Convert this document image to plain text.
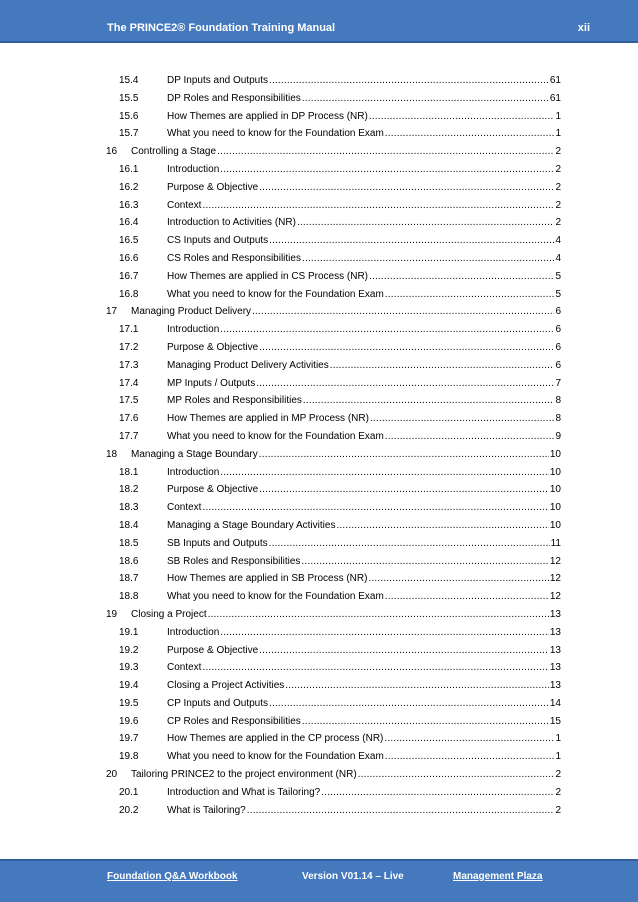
The PRINCE2® Foundation Training Manual	xii
15.4	DP Inputs and Outputs .....	61
15.5	DP Roles and Responsibilities .....	61
15.6	How Themes are applied in DP Process (NR) .....	1
15.7	What you need to know for the Foundation Exam .....	1
16	Controlling a Stage .....	2
16.1	Introduction .....	2
16.2	Purpose & Objective .....	2
16.3	Context .....	2
16.4	Introduction to Activities (NR) .....	2
16.5	CS Inputs and Outputs .....	4
16.6	CS Roles and Responsibilities .....	4
16.7	How Themes are applied in CS Process (NR) .....	5
16.8	What you need to know for the Foundation Exam .....	5
17	Managing Product Delivery .....	6
17.1	Introduction .....	6
17.2	Purpose & Objective .....	6
17.3	Managing Product Delivery Activities .....	6
17.4	MP Inputs / Outputs .....	7
17.5	MP Roles and Responsibilities .....	8
17.6	How Themes are applied in MP Process (NR) .....	8
17.7	What you need to know for the Foundation Exam .....	9
18	Managing a Stage Boundary .....	10
18.1	Introduction .....	10
18.2	Purpose & Objective .....	10
18.3	Context .....	10
18.4	Managing a Stage Boundary Activities .....	10
18.5	SB Inputs and Outputs .....	11
18.6	SB Roles and Responsibilities .....	12
18.7	How Themes are applied in SB Process (NR) .....	12
18.8	What you need to know for the Foundation Exam .....	12
19	Closing a Project .....	13
19.1	Introduction .....	13
19.2	Purpose & Objective .....	13
19.3	Context .....	13
19.4	Closing a Project Activities .....	13
19.5	CP Inputs and Outputs .....	14
19.6	CP Roles and Responsibilities .....	15
19.7	How Themes are applied in the CP process (NR) .....	1
19.8	What you need to know for the Foundation Exam .....	1
20	Tailoring PRINCE2 to the project environment (NR) .....	2
20.1	Introduction and What is Tailoring? .....	2
20.2	What is Tailoring? .....	2
Foundation Q&A Workbook	Version V01.14 – Live	Management Plaza
